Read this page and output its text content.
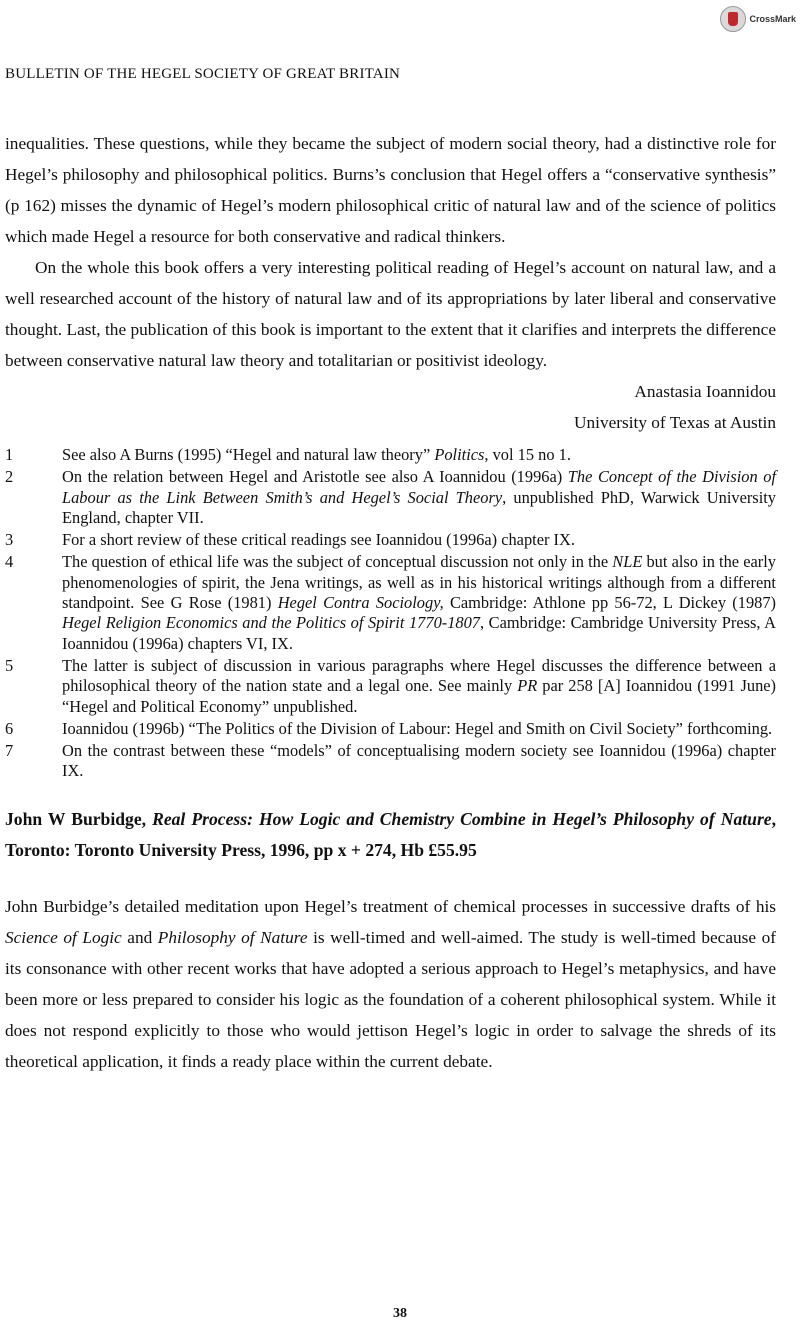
CrossMark
BULLETIN OF THE HEGEL SOCIETY OF GREAT BRITAIN

inequalities. These questions, while they became the subject of modern social theory, had a distinctive role for Hegel’s philosophy and philosophical politics. Burns’s conclusion that Hegel offers a “conservative synthesis” (p 162) misses the dynamic of Hegel’s modern philosophical critic of natural law and of the science of politics which made Hegel a resource for both conservative and radical thinkers.

On the whole this book offers a very interesting political reading of Hegel’s account on natural law, and a well researched account of the history of natural law and of its appropriations by later liberal and conservative thought. Last, the publication of this book is important to the extent that it clarifies and interprets the difference between conservative natural law theory and totalitarian or positivist ideology.

Anastasia Ioannidou

University of Texas at Austin

1	See also A Burns (1995) “Hegel and natural law theory” Politics, vol 15 no 1.
2	On the relation between Hegel and Aristotle see also A Ioannidou (1996a) The Concept of the Division of Labour as the Link Between Smith’s and Hegel’s Social Theory, unpublished PhD, Warwick University England, chapter VII.
3	For a short review of these critical readings see Ioannidou (1996a) chapter IX.
4	The question of ethical life was the subject of conceptual discussion not only in the NLE but also in the early phenomenologies of spirit, the Jena writings, as well as in his historical writings although from a different standpoint. See G Rose (1981) Hegel Contra Sociology, Cambridge: Athlone pp 56-72, L Dickey (1987) Hegel Religion Economics and the Politics of Spirit 1770-1807, Cambridge: Cambridge University Press, A Ioannidou (1996a) chapters VI, IX.
5	The latter is subject of discussion in various paragraphs where Hegel discusses the difference between a philosophical theory of the nation state and a legal one. See mainly PR par 258 [A] Ioannidou (1991 June) “Hegel and Political Economy” unpublished.
6	Ioannidou (1996b) “The Politics of the Division of Labour: Hegel and Smith on Civil Society” forthcoming.
7	On the contrast between these “models” of conceptualising modern society see Ioannidou (1996a) chapter IX.
John W Burbidge, Real Process: How Logic and Chemistry Combine in Hegel’s Philosophy of Nature, Toronto: Toronto University Press, 1996, pp x + 274, Hb £55.95

John Burbidge’s detailed meditation upon Hegel’s treatment of chemical processes in successive drafts of his Science of Logic and Philosophy of Nature is well-timed and well-aimed. The study is well-timed because of its consonance with other recent works that have adopted a serious approach to Hegel’s metaphysics, and have been more or less prepared to consider his logic as the foundation of a coherent philosophical system. While it does not respond explicitly to those who would jettison Hegel’s logic in order to salvage the shreds of its theoretical application, it finds a ready place within the current debate.

38
